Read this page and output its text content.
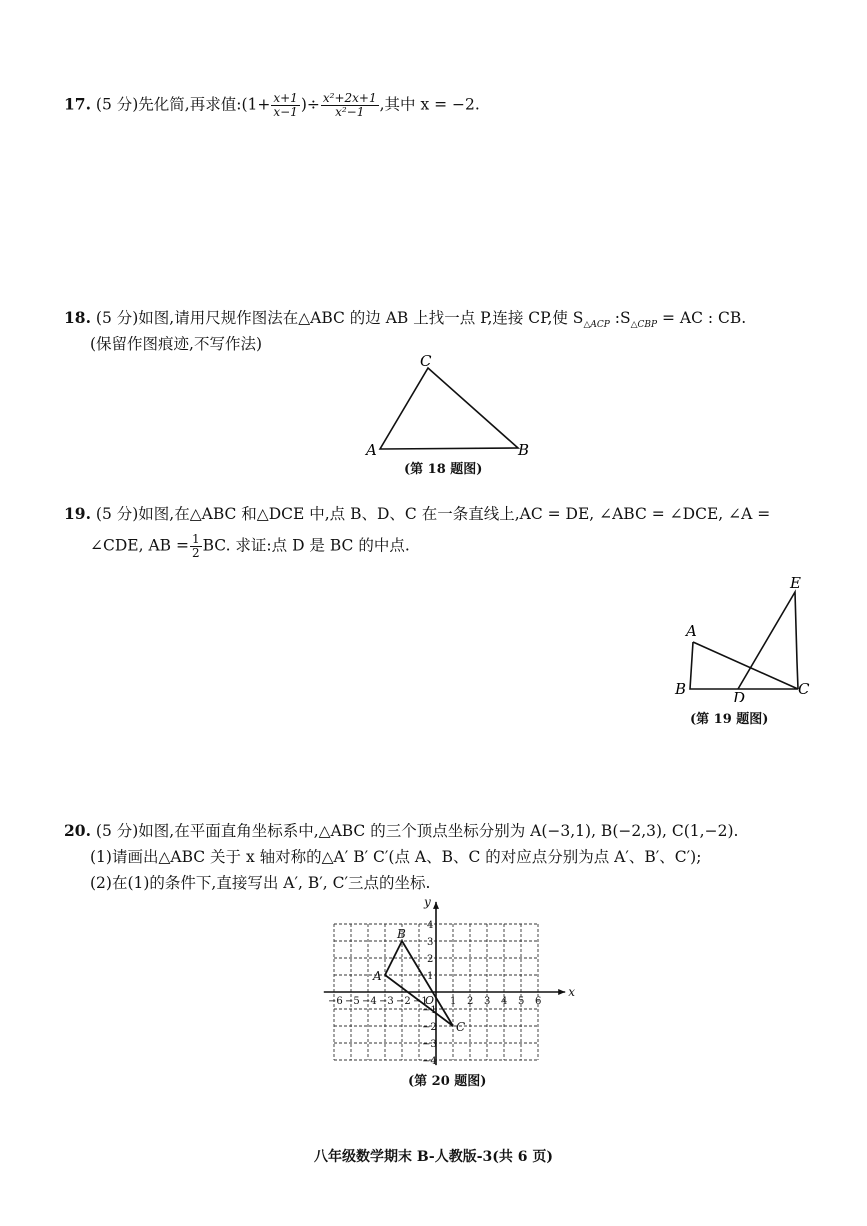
17. (5 分)先化简,再求值:(1+ $\frac{x+1}{x-1}$ )÷ $\frac{\text{x²+2x+1}}{\text{x²−1}}$ ,其中 x = −2.
18. (5 分)如图,请用尺规作图法在△ABC 的边 AB 上找一点 P,连接 CP,使 $S_{\triangle ACP}$ $:S_{\triangle CBP}$ = AC : CB.
(保留作图痕迹,不写作法)
C
A	B
(第 18 题图)
19. (5 分)如图,在△ABC 和△DCE 中,点 B、D、C 在一条直线上,AC = DE, ∠ABC = ∠DCE, ∠A =
∠CDE, AB = $\frac{1}{2}$ BC. 求证:点 D 是 BC 的中点.
E
A
B	D	C
(第 19 题图)
20. (5 分)如图,在平面直角坐标系中,△ABC 的三个顶点坐标分别为 A(−3,1), B(−2,3), C(1,−2).
(1)请画出△ABC 关于 x 轴对称的△A′ B′ C′(点 A、B、C 的对应点分别为点 A′、B′、C′);
(2)在(1)的条件下,直接写出 A′, B′, C′三点的坐标.
−6 −5 −4 −3 −2 −1 1 2 3 4 5 6
4
3
2
1
−1
−2
−3
−4
x
y
O
A
B
C
(第 20 题图)
八年级数学期末 B-人教版-3(共 6 页)
